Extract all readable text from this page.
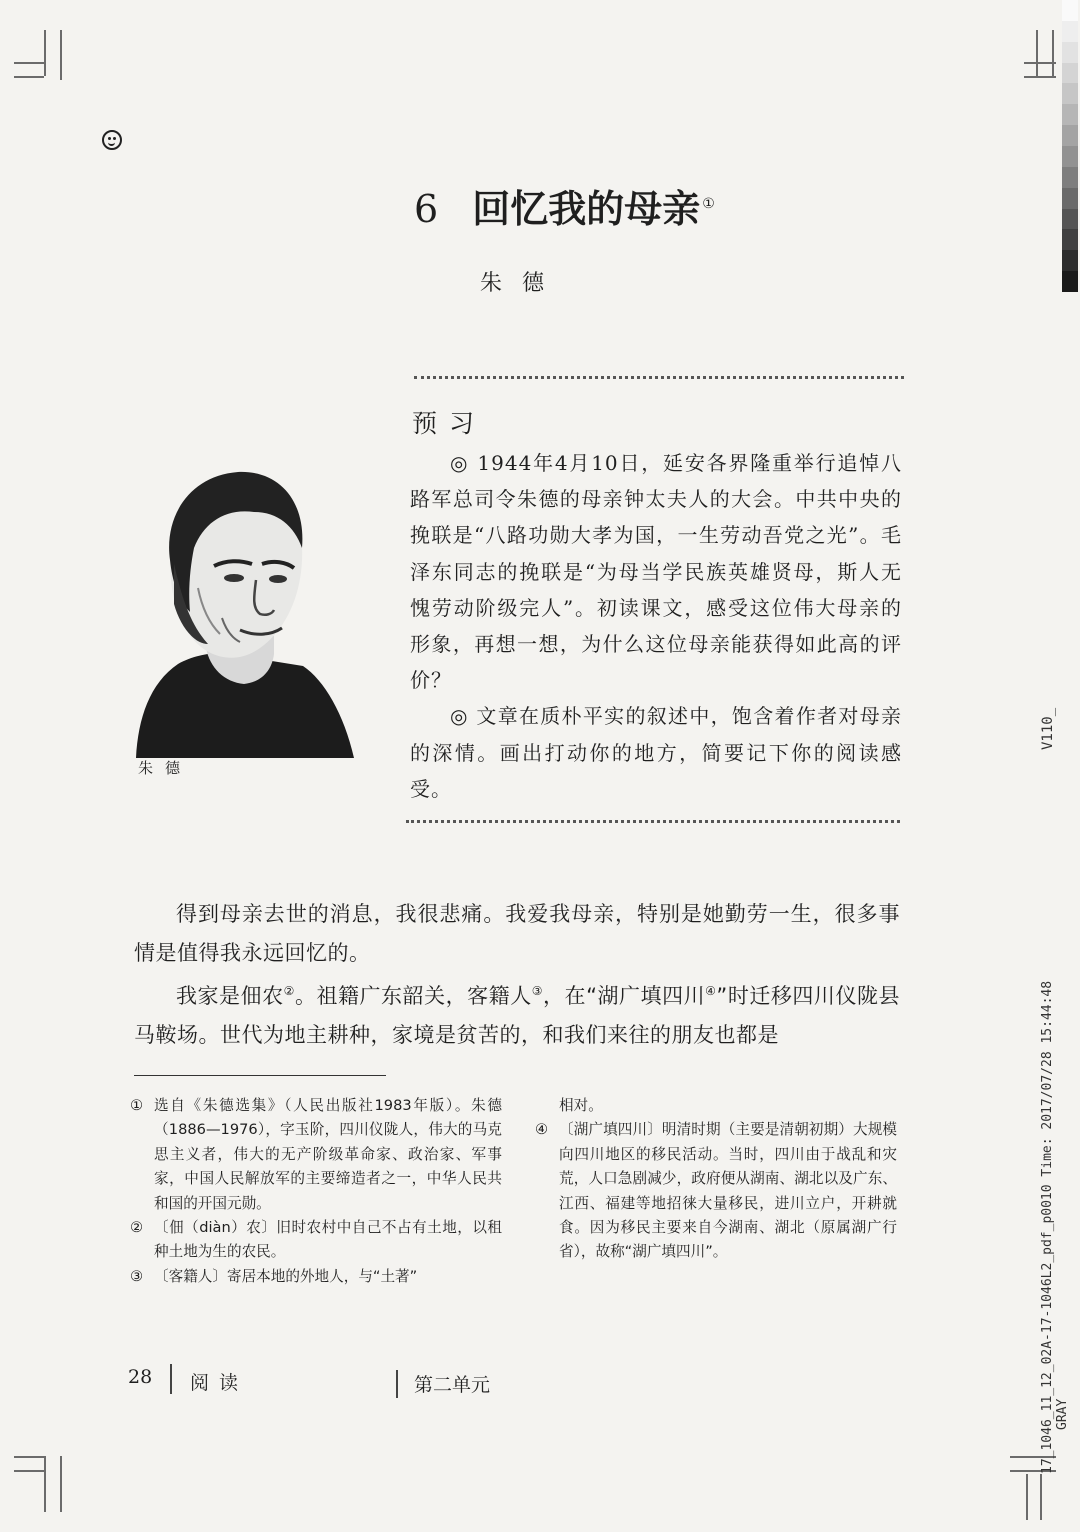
6 回忆我的母亲 ①
朱德
预习

◎ 1944年4月10日，延安各界隆重举行追悼八路军总司令朱德的母亲钟太夫人的大会。中共中央的挽联是“八路功勋大孝为国，一生劳动吾党之光”。毛泽东同志的挽联是“为母当学民族英雄贤母，斯人无愧劳动阶级完人”。初读课文，感受这位伟大母亲的形象，再想一想，为什么这位母亲能获得如此高的评价？

◎ 文章在质朴平实的叙述中，饱含着作者对母亲的深情。画出打动你的地方，简要记下你的阅读感受。

朱德

得到母亲去世的消息，我很悲痛。我爱我母亲，特别是她勤劳一生，很多事情是值得我永远回忆的。

我家是佃农②。祖籍广东韶关，客籍人③，在“湖广填四川④”时迁移四川仪陇县马鞍场。世代为地主耕种，家境是贫苦的，和我们来往的朋友也都是

① 选自《朱德选集》（人民出版社1983年版）。朱德（1886—1976），字玉阶，四川仪陇人，伟大的马克思主义者，伟大的无产阶级革命家、政治家、军事家，中国人民解放军的主要缔造者之一，中华人民共和国的开国元勋。
② 〔佃（diàn）农〕旧时农村中自己不占有土地，以租种土地为生的农民。
③ 〔客籍人〕寄居本地的外地人，与“土著”
相对。
④ 〔湖广填四川〕明清时期（主要是清朝初期）大规模向四川地区的移民活动。当时，四川由于战乱和灾荒，人口急剧减少，政府便从湖南、湖北以及广东、江西、福建等地招徕大量移民，进川立户，开耕就食。因为移民主要来自今湖南、湖北（原属湖广行省），故称“湖广填四川”。
28 阅读	第二单元
V110_
17_1046_11_12_02A-17-1046L2_pdf_p0010 Time: 2017/07/28 15:44:48 GRAY
